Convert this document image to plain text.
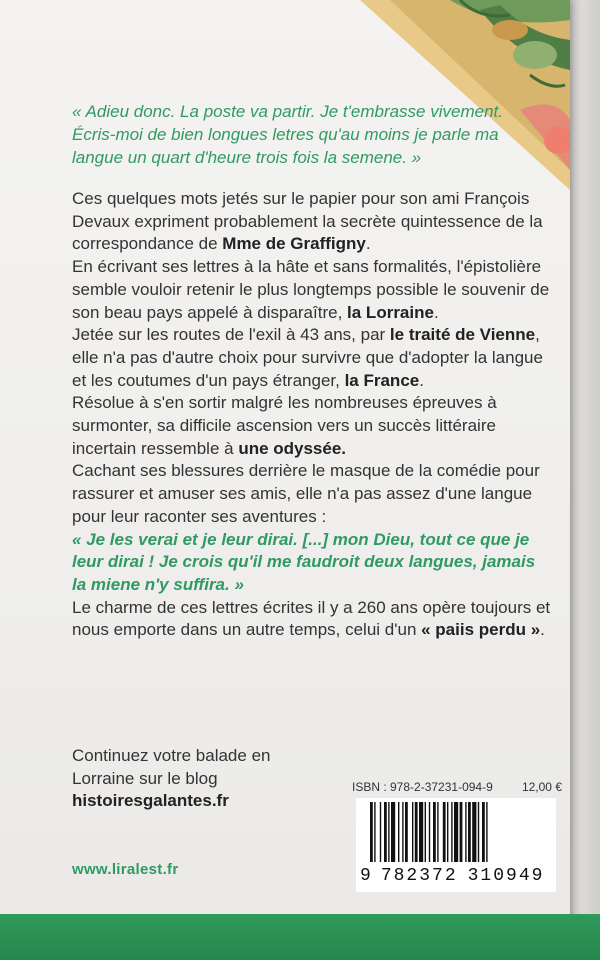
« Adieu donc. La poste va partir. Je t'embrasse vivement. Écris-moi de bien longues letres qu'au moins je parle ma langue un quart d'heure trois fois la semene. »

Ces quelques mots jetés sur le papier pour son ami François Devaux expriment probablement la secrète quintessence de la correspondance de Mme de Graffigny.

En écrivant ses lettres à la hâte et sans formalités, l'épistolière semble vouloir retenir le plus longtemps possible le souvenir de son beau pays appelé à disparaître, la Lorraine.

Jetée sur les routes de l'exil à 43 ans, par le traité de Vienne, elle n'a pas d'autre choix pour survivre que d'adopter la langue et les coutumes d'un pays étranger, la France.

Résolue à s'en sortir malgré les nombreuses épreuves à surmonter, sa difficile ascension vers un succès littéraire incertain ressemble à une odyssée.

Cachant ses blessures derrière le masque de la comédie pour rassurer et amuser ses amis, elle n'a pas assez d'une langue pour leur raconter ses aventures :

« Je les verai et je leur dirai. [...] mon Dieu, tout ce que je leur dirai ! Je crois qu'il me faudroit deux langues, jamais la miene n'y suffira. »

Le charme de ces lettres écrites il y a 260 ans opère toujours et nous emporte dans un autre temps, celui d'un « paiis perdu ».

Continuez votre balade en Lorraine sur le blog
histoiresgalantes.fr
www.liralest.fr
ISBN : 978-2-37231-094-9 12,00 €
9 782372 310949
